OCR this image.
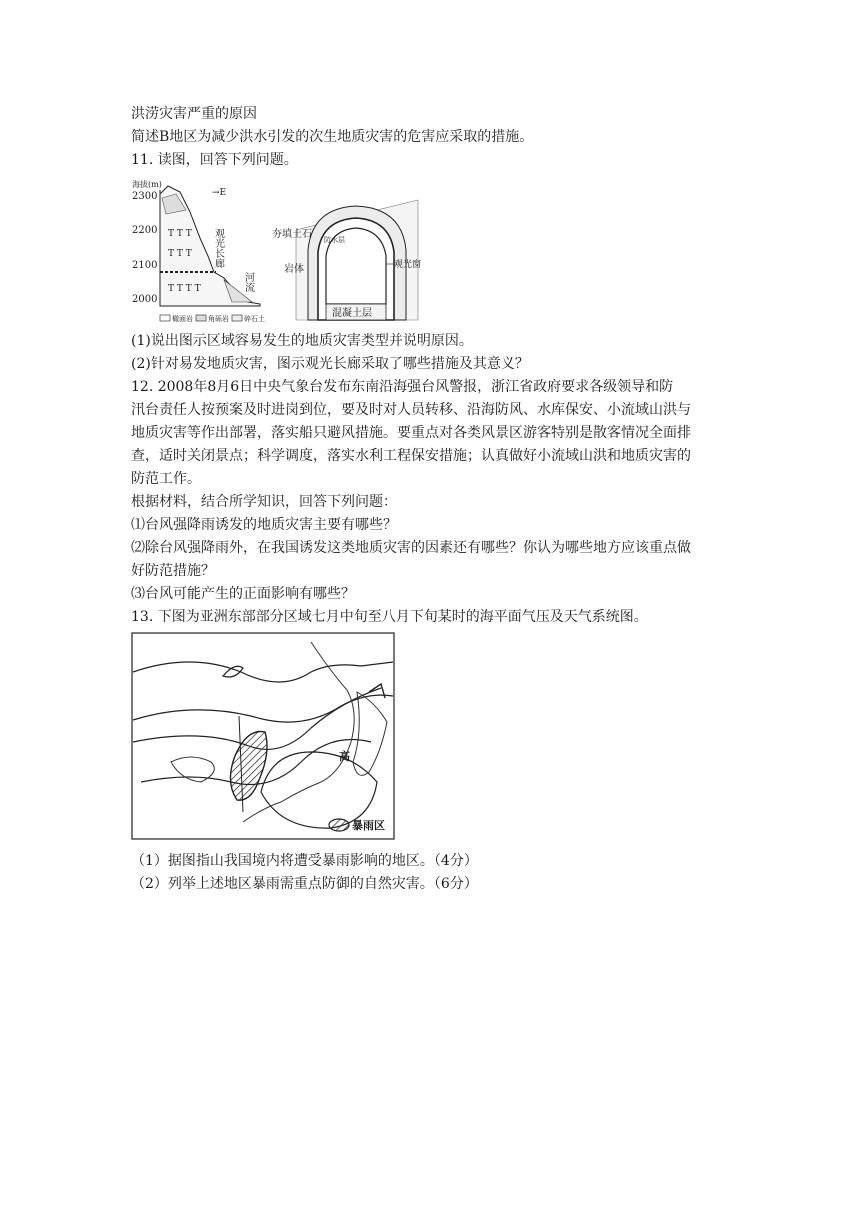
洪涝灾害严重的原因
简述B地区为减少洪水引发的次生地质灾害的危害应采取的措施。
11. 读图，回答下列问题。
海拔(m)
→E
2300
2200
2100
2000
T T T
T T T
T T T T
观光长廊
河流
橄面岩 角砾岩 碎石土
夯填土石 防水层
岩体	观光窗
混凝土层
(1)说出图示区域容易发生的地质灾害类型并说明原因。
(2)针对易发地质灾害，图示观光长廊采取了哪些措施及其意义？
12. 2008年8月6日中央气象台发布东南沿海强台风警报，浙江省政府要求各级领导和防
汛台责任人按预案及时进岗到位，要及时对人员转移、沿海防风、水库保安、小流域山洪与
地质灾害等作出部署，落实船只避风措施。要重点对各类风景区游客特别是散客情况全面排
查，适时关闭景点；科学调度，落实水利工程保安措施；认真做好小流域山洪和地质灾害的
防范工作。
根据材料，结合所学知识，回答下列问题：
⑴台风强降雨诱发的地质灾害主要有哪些？
⑵除台风强降雨外，在我国诱发这类地质灾害的因素还有哪些？你认为哪些地方应该重点做
好防范措施？
⑶台风可能产生的正面影响有哪些？
13. 下图为亚洲东部部分区域七月中旬至八月下旬某时的海平面气压及天气系统图。
高
暴雨区
（1）据图指山我国境内将遭受暴雨影响的地区。（4分）
（2）列举上述地区暴雨需重点防御的自然灾害。（6分）
